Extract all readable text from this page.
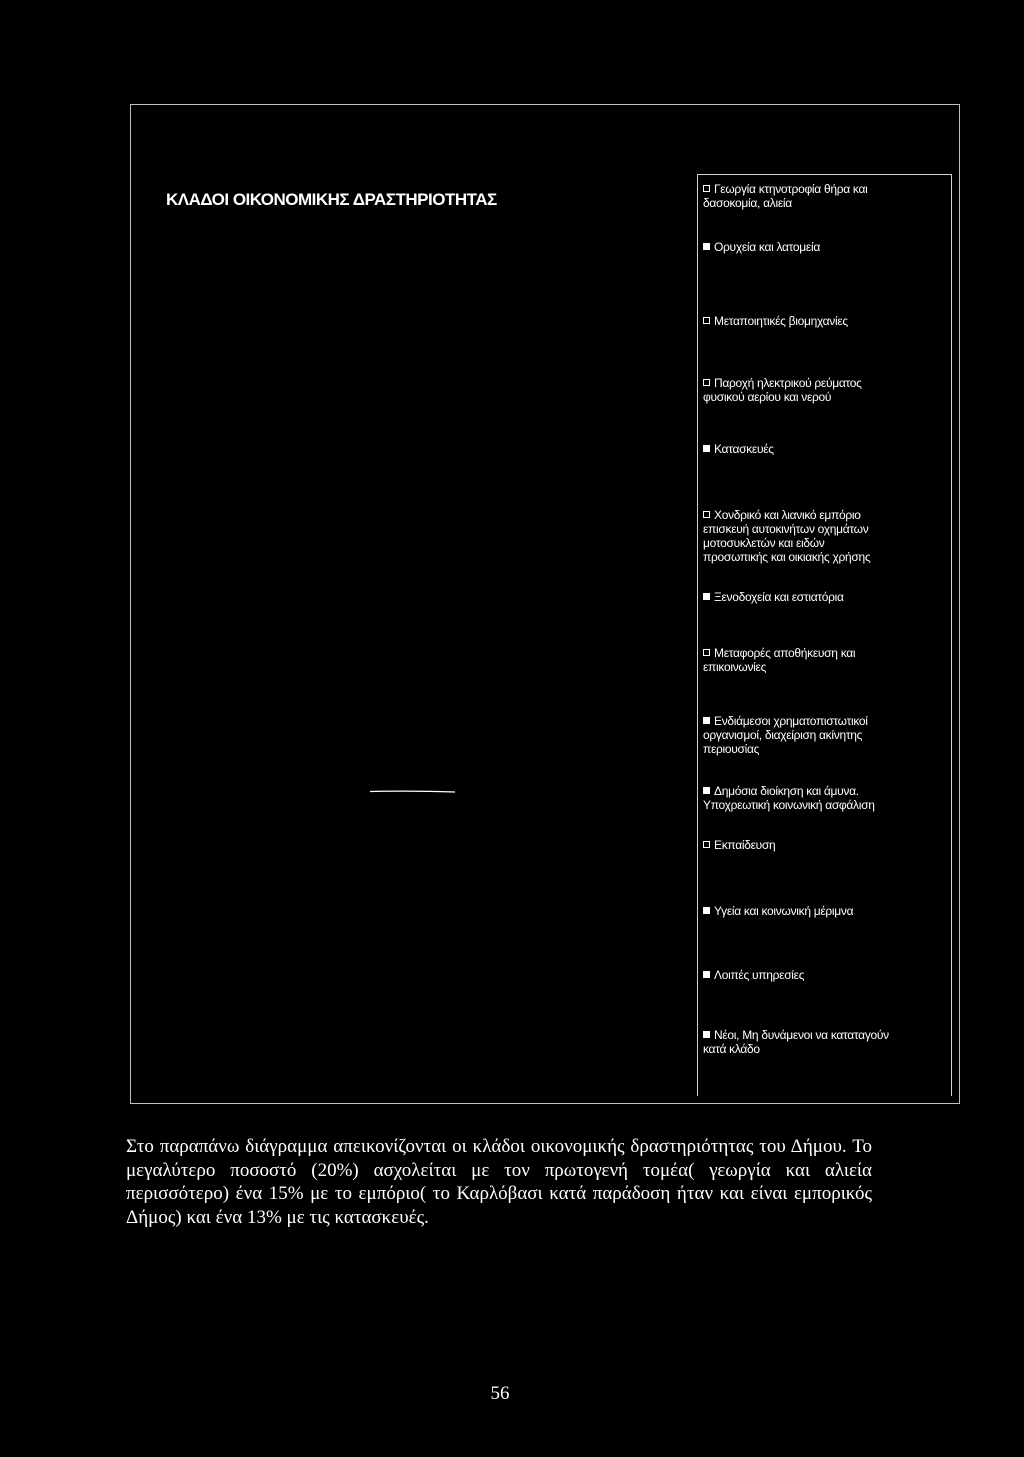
ΚΛΑΔΟΙ ΟΙΚΟΝΟΜΙΚΗΣ ΔΡΑΣΤΗΡΙΟΤΗΤΑΣ
Γεωργία κτηνοτροφία θήρα και
δασοκομία, αλιεία
Ορυχεία και λατομεία
Μεταποιητικές βιομηχανίες
Παροχή ηλεκτρικού ρεύματος
φυσικού αερίου και νερού
Κατασκευές
Χονδρικό και λιανικό εμπόριο
επισκευή αυτοκινήτων οχημάτων
μοτοσυκλετών και ειδών
προσωπικής και οικιακής χρήσης
Ξενοδοχεία και εστιατόρια
Μεταφορές αποθήκευση και
επικοινωνίες
Ενδιάμεσοι χρηματοπιστωτικοί
οργανισμοί, διαχείριση ακίνητης
περιουσίας
Δημόσια διοίκηση και άμυνα.
Υποχρεωτική κοινωνική ασφάλιση
Εκπαίδευση
Υγεία και κοινωνική μέριμνα
Λοιπές υπηρεσίες
Νέοι, Μη δυνάμενοι να καταταγούν
κατά κλάδο
Στο παραπάνω διάγραμμα απεικονίζονται οι κλάδοι οικονομικής δραστηριότητας του Δήμου. Το μεγαλύτερο ποσοστό (20%) ασχολείται με τον πρωτογενή τομέα( γεωργία και αλιεία περισσότερο) ένα 15% με το εμπόριο( το Καρλόβασι κατά παράδοση ήταν και είναι εμπορικός Δήμος) και ένα 13% με τις κατασκευές.
56
